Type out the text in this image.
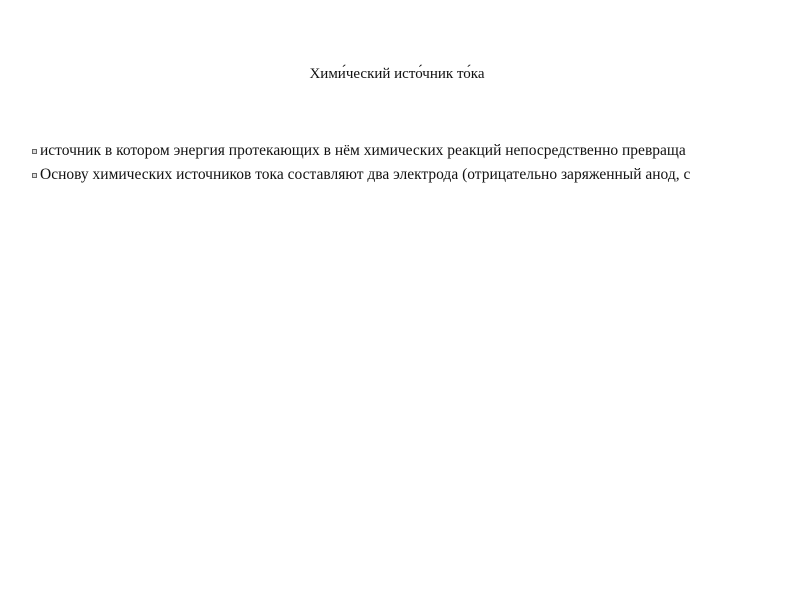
Хими́ческий исто́чник то́ка
источник в котором энергия протекающих в нём химических реакций непосредственно превраща
Основу химических источников тока составляют два электрода (отрицательно заряженный анод, с
